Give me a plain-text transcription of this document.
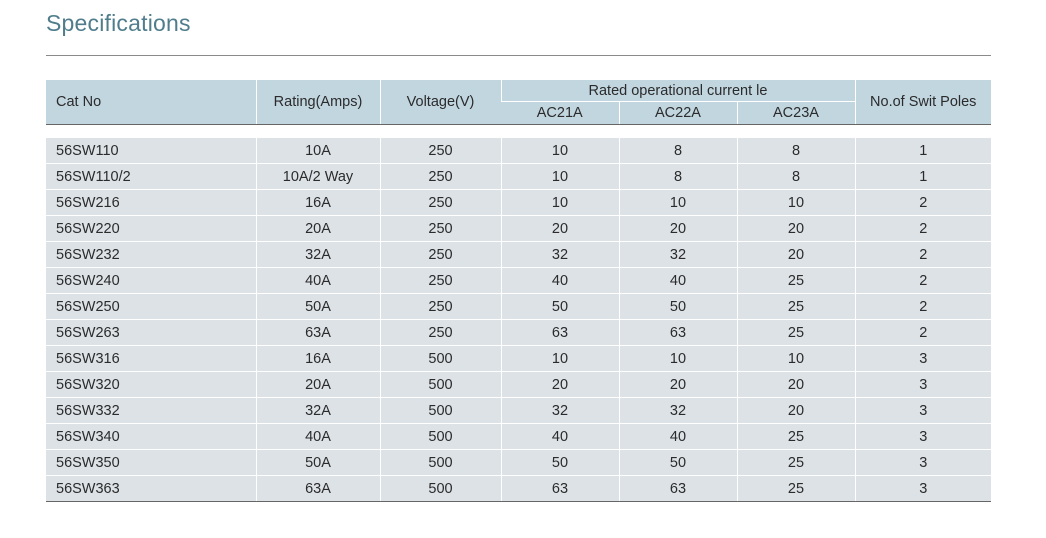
Specifications
Cat No	Rating(Amps)	Voltage(V)	Rated operational current le			No.of Swit Poles
			AC21A	AC22A	AC23A	

56SW110	10A	250	10	8	8	1
56SW110/2	10A/2 Way	250	10	8	8	1
56SW216	16A	250	10	10	10	2
56SW220	20A	250	20	20	20	2
56SW232	32A	250	32	32	20	2
56SW240	40A	250	40	40	25	2
56SW250	50A	250	50	50	25	2
56SW263	63A	250	63	63	25	2
56SW316	16A	500	10	10	10	3
56SW320	20A	500	20	20	20	3
56SW332	32A	500	32	32	20	3
56SW340	40A	500	40	40	25	3
56SW350	50A	500	50	50	25	3
56SW363	63A	500	63	63	25	3
